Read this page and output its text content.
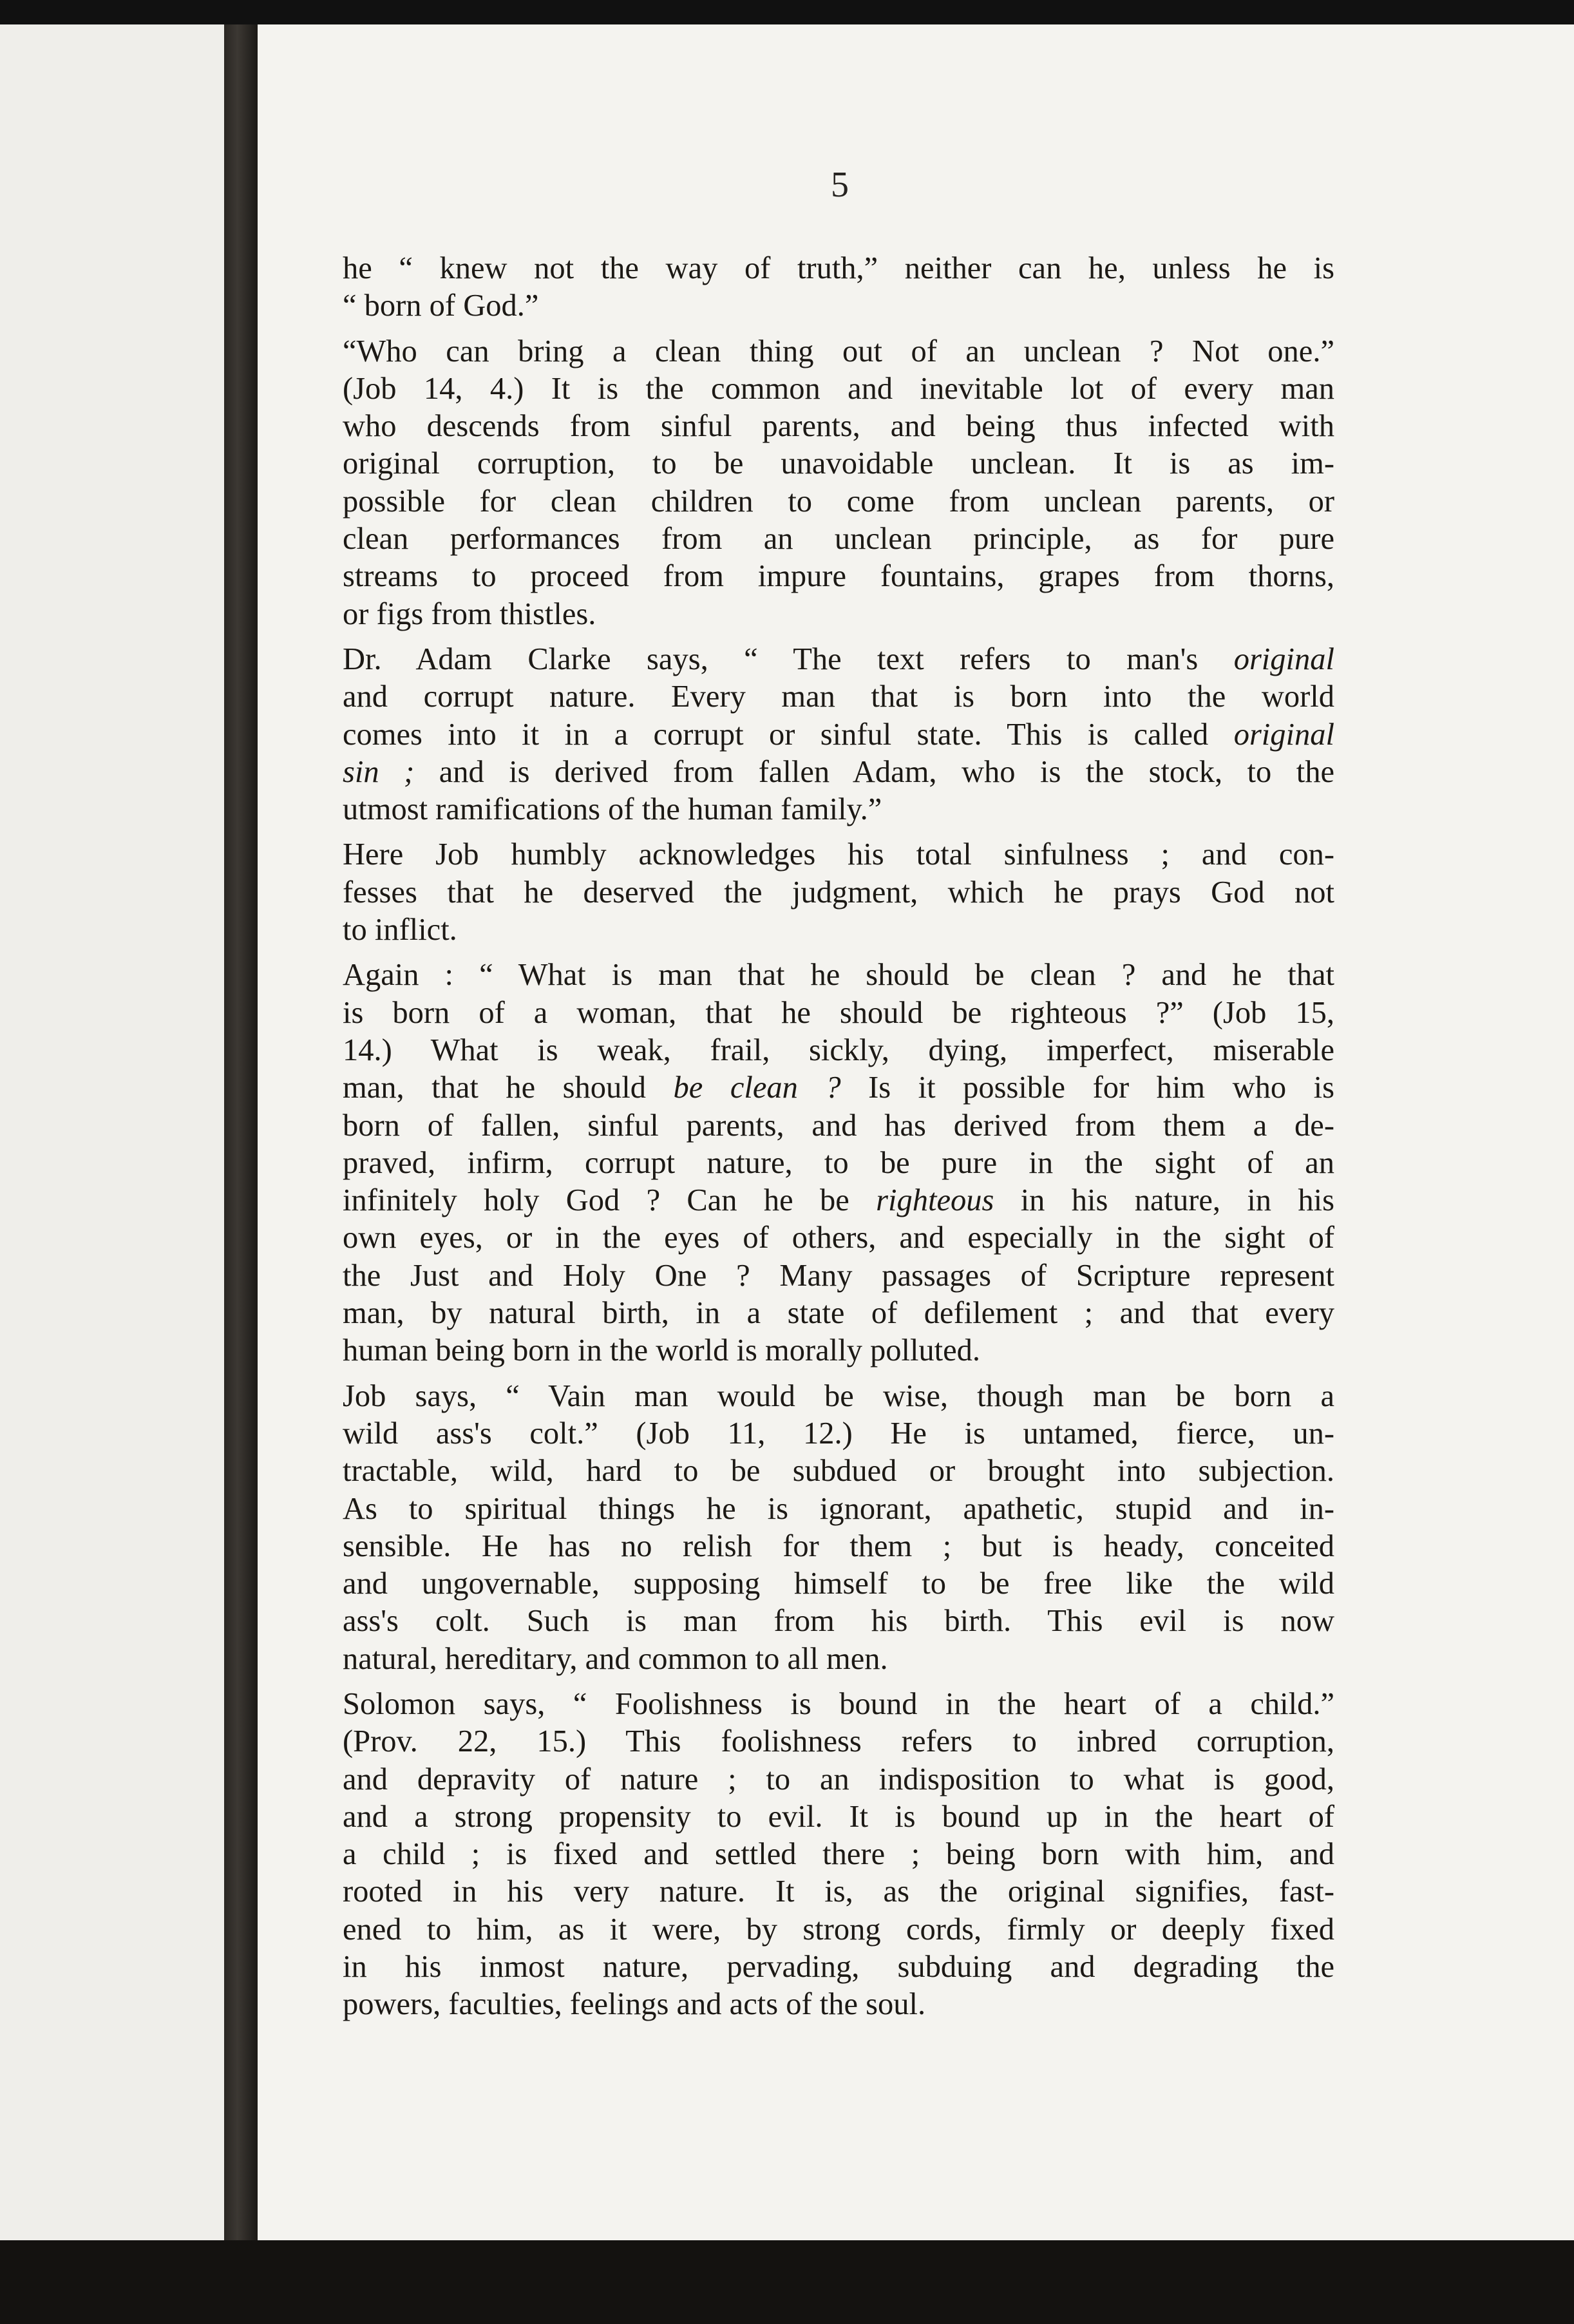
5
he “ knew not the way of truth,” neither can he, unless he is
“ born of God.”
“Who can bring a clean thing out of an unclean ? Not one.”
(Job 14, 4.) It is the common and inevitable lot of every man
who descends from sinful parents, and being thus infected with
original corruption, to be unavoidable unclean. It is as im-
possible for clean children to come from unclean parents, or
clean performances from an unclean principle, as for pure
streams to proceed from impure fountains, grapes from thorns,
or figs from thistles.
Dr. Adam Clarke says, “ The text refers to man's original
and corrupt nature. Every man that is born into the world
comes into it in a corrupt or sinful state. This is called original
sin ; and is derived from fallen Adam, who is the stock, to the
utmost ramifications of the human family.”
Here Job humbly acknowledges his total sinfulness ; and con-
fesses that he deserved the judgment, which he prays God not
to inflict.
Again : “ What is man that he should be clean ? and he that
is born of a woman, that he should be righteous ?” (Job 15,
14.) What is weak, frail, sickly, dying, imperfect, miserable
man, that he should be clean ? Is it possible for him who is
born of fallen, sinful parents, and has derived from them a de-
praved, infirm, corrupt nature, to be pure in the sight of an
infinitely holy God ? Can he be righteous in his nature, in his
own eyes, or in the eyes of others, and especially in the sight of
the Just and Holy One ? Many passages of Scripture represent
man, by natural birth, in a state of defilement ; and that every
human being born in the world is morally polluted.
Job says, “ Vain man would be wise, though man be born a
wild ass's colt.” (Job 11, 12.) He is untamed, fierce, un-
tractable, wild, hard to be subdued or brought into subjection.
As to spiritual things he is ignorant, apathetic, stupid and in-
sensible. He has no relish for them ; but is heady, conceited
and ungovernable, supposing himself to be free like the wild
ass's colt. Such is man from his birth. This evil is now
natural, hereditary, and common to all men.
Solomon says, “ Foolishness is bound in the heart of a child.”
(Prov. 22, 15.) This foolishness refers to inbred corruption,
and depravity of nature ; to an indisposition to what is good,
and a strong propensity to evil. It is bound up in the heart of
a child ; is fixed and settled there ; being born with him, and
rooted in his very nature. It is, as the original signifies, fast-
ened to him, as it were, by strong cords, firmly or deeply fixed
in his inmost nature, pervading, subduing and degrading the
powers, faculties, feelings and acts of the soul.
